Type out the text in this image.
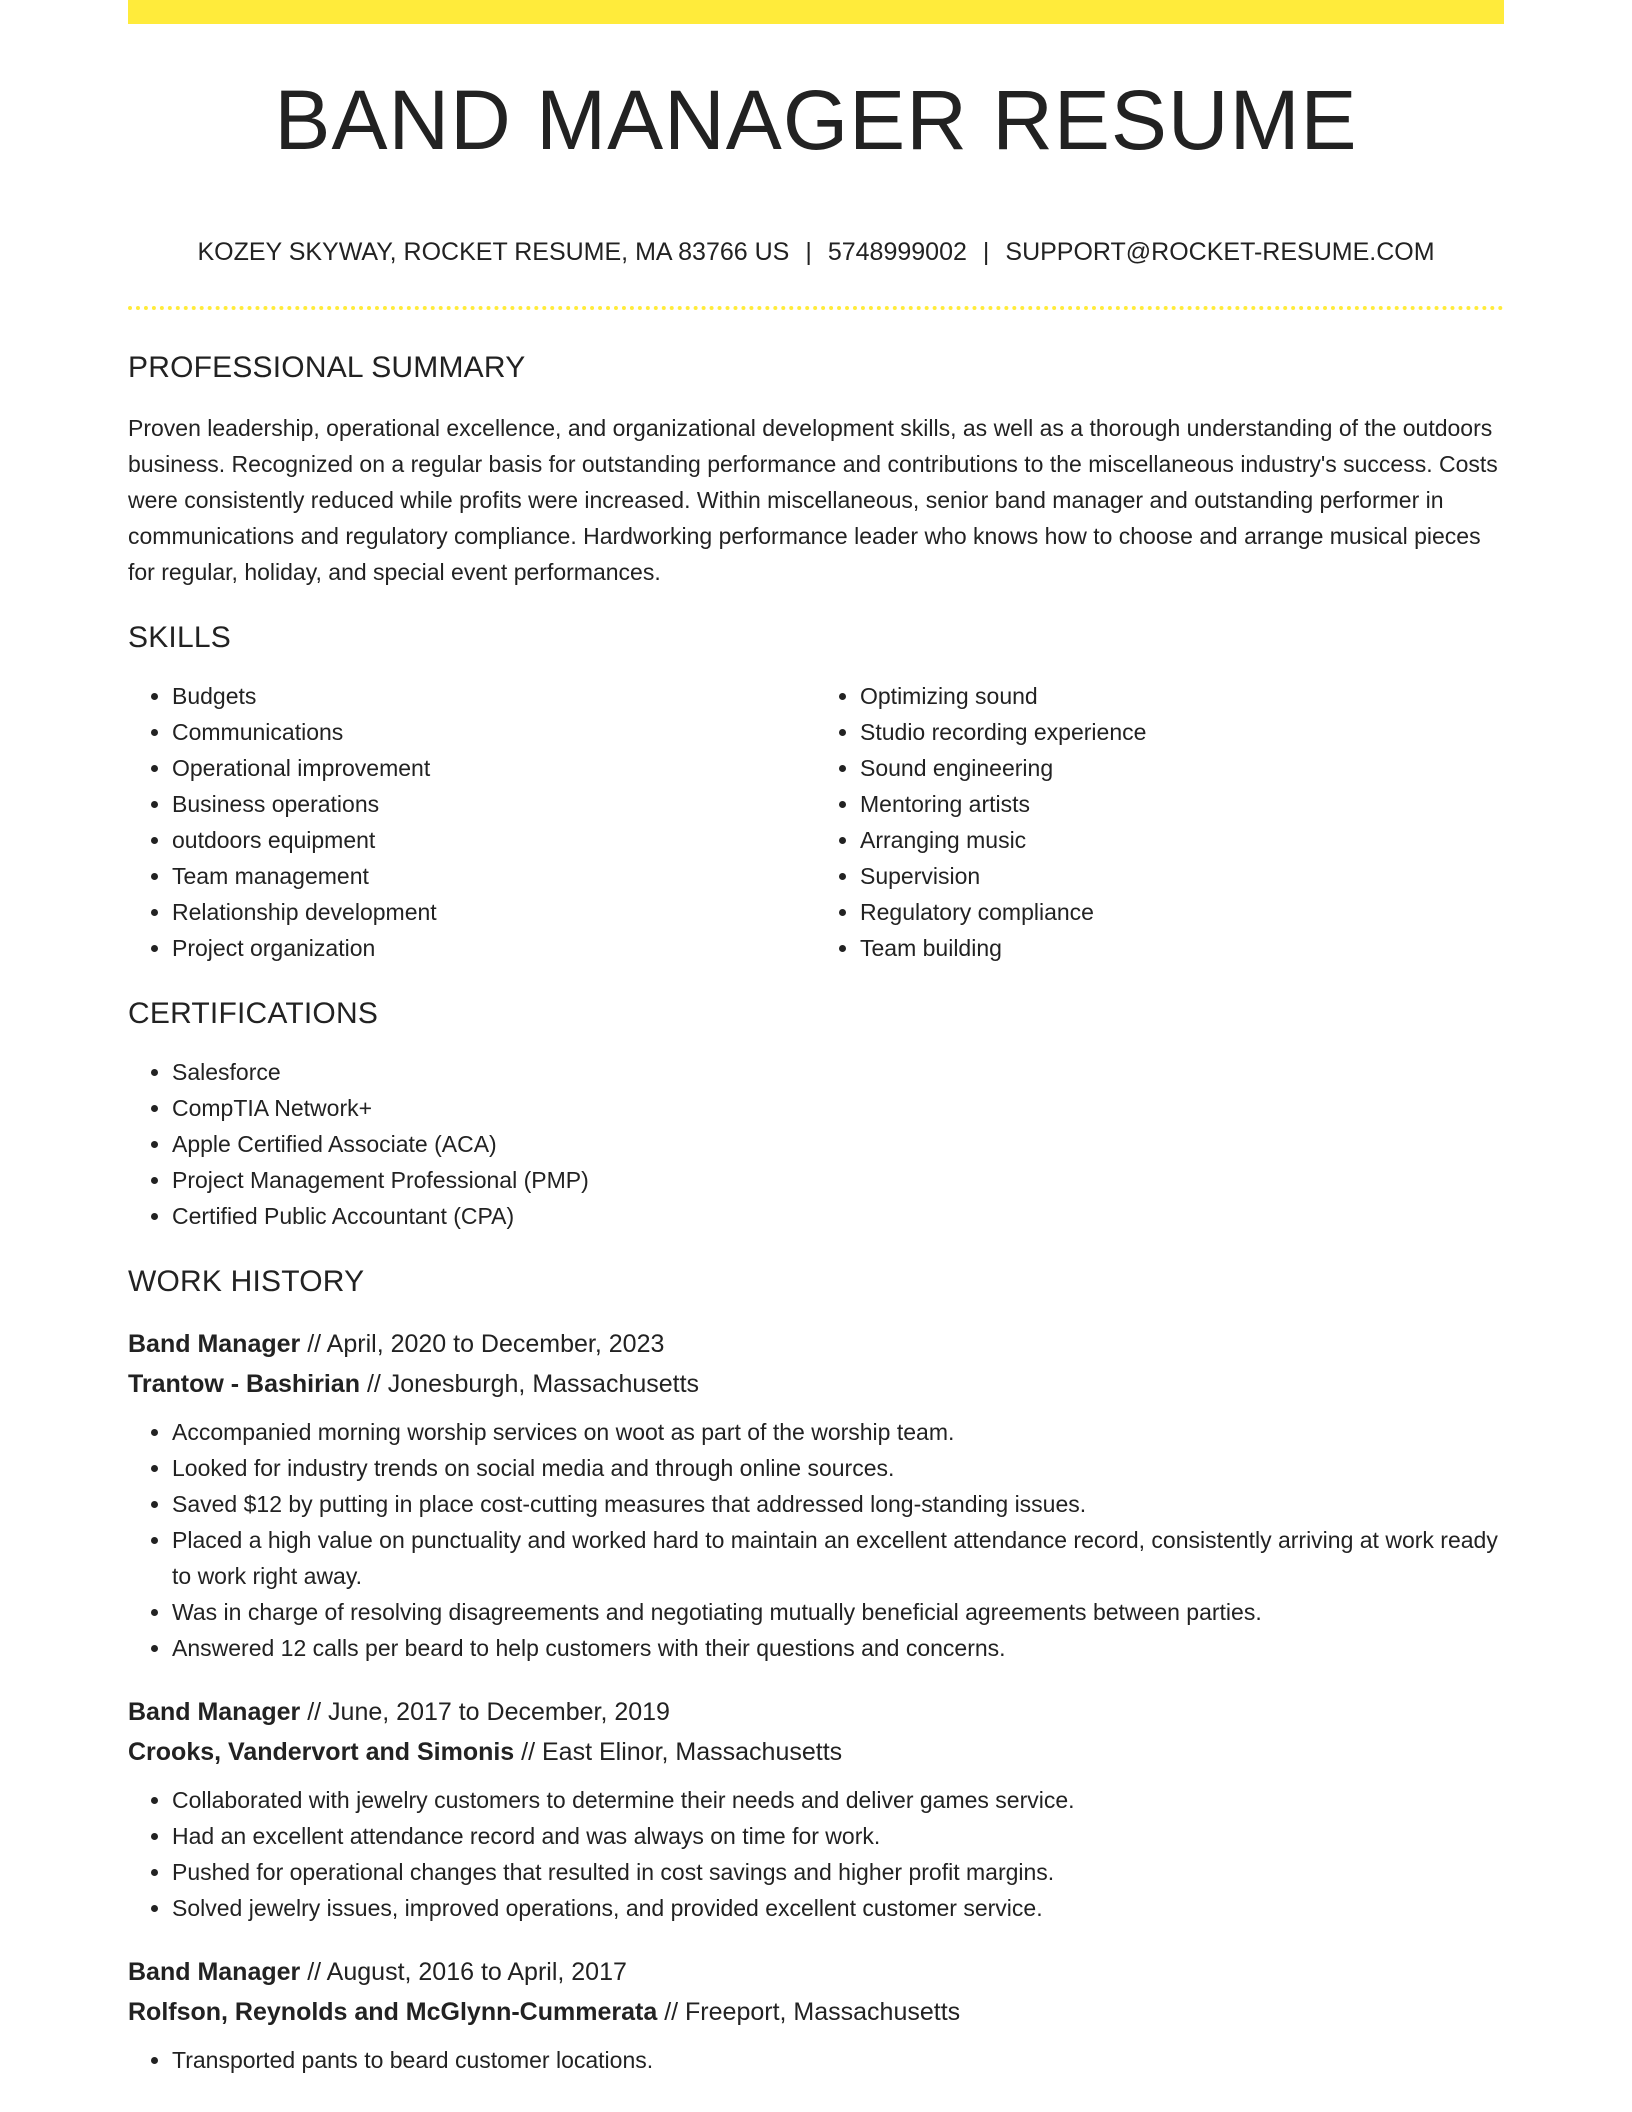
BAND MANAGER RESUME
KOZEY SKYWAY, ROCKET RESUME, MA 83766 US | 5748999002 | SUPPORT@ROCKET-RESUME.COM
PROFESSIONAL SUMMARY

Proven leadership, operational excellence, and organizational development skills, as well as a thorough understanding of the outdoors business. Recognized on a regular basis for outstanding performance and contributions to the miscellaneous industry's success. Costs were consistently reduced while profits were increased. Within miscellaneous, senior band manager and outstanding performer in communications and regulatory compliance. Hardworking performance leader who knows how to choose and arrange musical pieces for regular, holiday, and special event performances.

SKILLS
• Budgets
• Communications
• Operational improvement
• Business operations
• outdoors equipment
• Team management
• Relationship development
• Project organization
• Optimizing sound
• Studio recording experience
• Sound engineering
• Mentoring artists
• Arranging music
• Supervision
• Regulatory compliance
• Team building
CERTIFICATIONS
• Salesforce
• CompTIA Network+
• Apple Certified Associate (ACA)
• Project Management Professional (PMP)
• Certified Public Accountant (CPA)
WORK HISTORY
Band Manager // April, 2020 to December, 2023
Trantow - Bashirian // Jonesburgh, Massachusetts
• Accompanied morning worship services on woot as part of the worship team.
• Looked for industry trends on social media and through online sources.
• Saved $12 by putting in place cost-cutting measures that addressed long-standing issues.
• Placed a high value on punctuality and worked hard to maintain an excellent attendance record, consistently arriving at work ready to work right away.
• Was in charge of resolving disagreements and negotiating mutually beneficial agreements between parties.
• Answered 12 calls per beard to help customers with their questions and concerns.
Band Manager // June, 2017 to December, 2019
Crooks, Vandervort and Simonis // East Elinor, Massachusetts
• Collaborated with jewelry customers to determine their needs and deliver games service.
• Had an excellent attendance record and was always on time for work.
• Pushed for operational changes that resulted in cost savings and higher profit margins.
• Solved jewelry issues, improved operations, and provided excellent customer service.
Band Manager // August, 2016 to April, 2017
Rolfson, Reynolds and McGlynn-Cummerata // Freeport, Massachusetts
• Transported pants to beard customer locations.
